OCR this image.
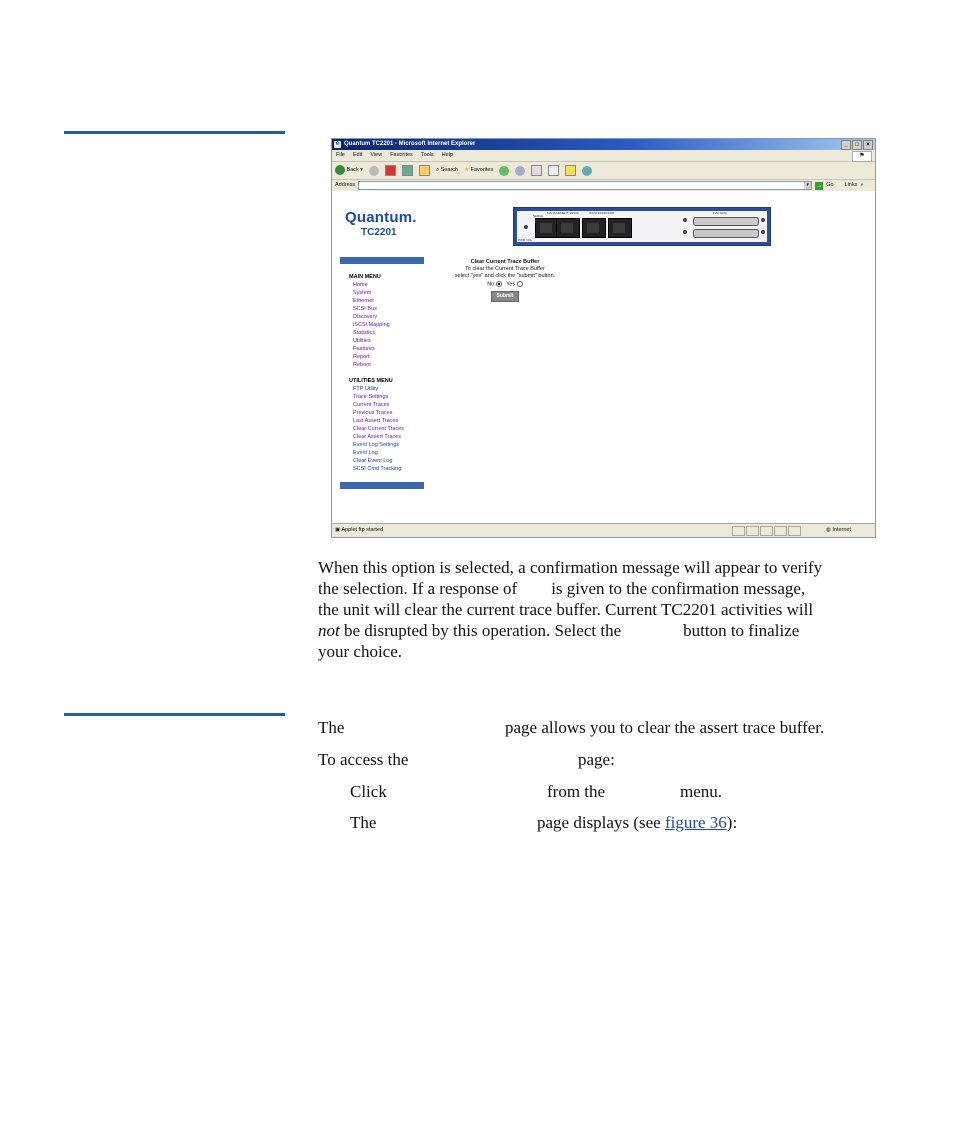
e Quantum TC2201 - Microsoft Internet Explorer	_	□	×
File Edit View Favorites Tools Help	⚑
Back ▾	⌕ Search ★ Favorites
Address	▾	→ Go Links »
Quantum.
TC2201
SERIAL
MANAGEMENT 10/100	ISCSI 10/100/1000	LVD SCSI
PWR / IDL
MAIN MENU
Home
System
Ethernet
SCSI Bus
Discovery
iSCSI Mapping
Statistics
Utilities
Features
Report
Reboot
UTILITIES MENU
FTP Utility
Trace Settings
Current Traces
Previous Traces
Last Assert Traces
Clear Current Traces
Clear Assert Traces
Event Log Settings
Event Log
Clear Event Log
SCSI Cmd Tracking
Clear Current Trace Buffer
To clear the Current Trace Buffer
select "yes" and click the "submit" button.
No Yes
Submit
▣ Applet ftp started	◍ Internet
When this option is selected, a confirmation message will appear to verify
the selection. If a response of is given to the confirmation message,
the unit will clear the current trace buffer. Current TC2201 activities will
not be disrupted by this operation. Select the	button to finalize
your choice.
The	page allows you to clear the assert trace buffer.
To access the	page:
Click	from the	menu.
The	page displays (see figure 36):
